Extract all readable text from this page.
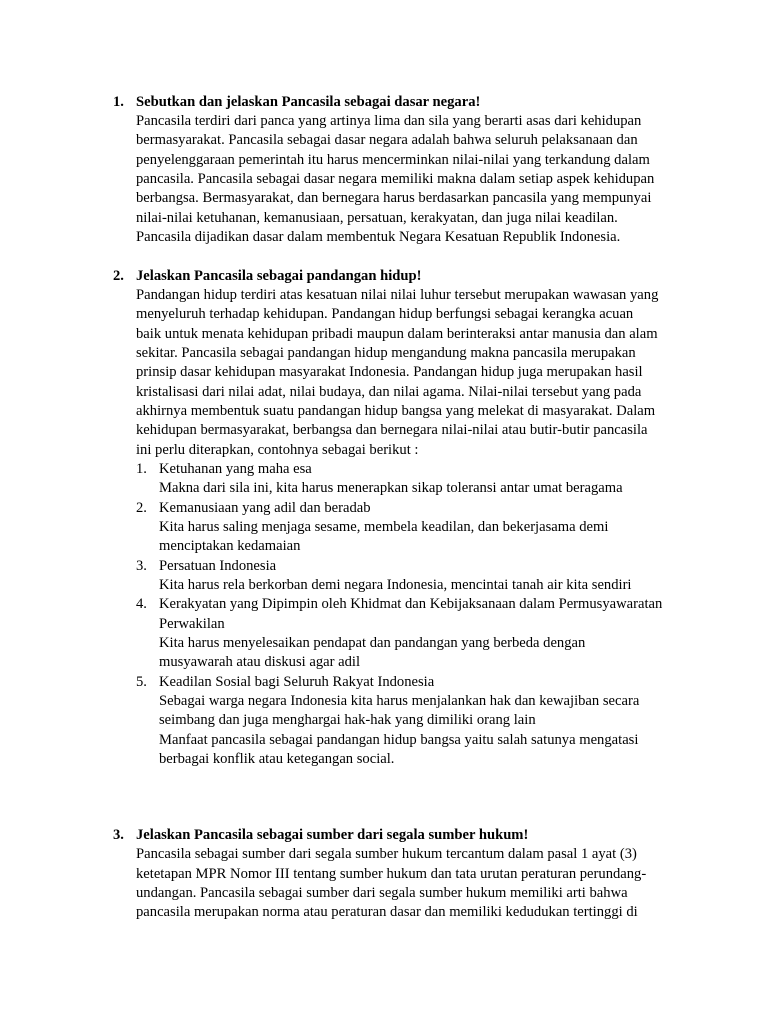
1. Sebutkan dan jelaskan Pancasila sebagai dasar negara!
Pancasila terdiri dari panca yang artinya lima dan sila yang berarti asas dari kehidupan
bermasyarakat. Pancasila sebagai dasar negara adalah bahwa seluruh pelaksanaan dan
penyelenggaraan pemerintah itu harus mencerminkan nilai-nilai yang terkandung dalam
pancasila. Pancasila sebagai dasar negara memiliki makna dalam setiap aspek kehidupan
berbangsa. Bermasyarakat, dan bernegara harus berdasarkan pancasila yang mempunyai
nilai-nilai ketuhanan, kemanusiaan, persatuan, kerakyatan, dan juga nilai keadilan.
Pancasila dijadikan dasar dalam membentuk Negara Kesatuan Republik Indonesia.
2. Jelaskan Pancasila sebagai pandangan hidup!
Pandangan hidup terdiri atas kesatuan nilai nilai luhur tersebut merupakan wawasan yang
menyeluruh terhadap kehidupan. Pandangan hidup berfungsi sebagai kerangka acuan
baik untuk menata kehidupan pribadi maupun dalam berinteraksi antar manusia dan alam
sekitar. Pancasila sebagai pandangan hidup mengandung makna pancasila merupakan
prinsip dasar kehidupan masyarakat Indonesia. Pandangan hidup juga merupakan hasil
kristalisasi dari nilai adat, nilai budaya, dan nilai agama. Nilai-nilai tersebut yang pada
akhirnya membentuk suatu pandangan hidup bangsa yang melekat di masyarakat. Dalam
kehidupan bermasyarakat, berbangsa dan bernegara nilai-nilai atau butir-butir pancasila
ini perlu diterapkan, contohnya sebagai berikut :
1. Ketuhanan yang maha esa
Makna dari sila ini, kita harus menerapkan sikap toleransi antar umat beragama
2. Kemanusiaan yang adil dan beradab
Kita harus saling menjaga sesame, membela keadilan, dan bekerjasama demi
menciptakan kedamaian
3. Persatuan Indonesia
Kita harus rela berkorban demi negara Indonesia, mencintai tanah air kita sendiri
4. Kerakyatan yang Dipimpin oleh Khidmat dan Kebijaksanaan dalam Permusyawaratan
Perwakilan
Kita harus menyelesaikan pendapat dan pandangan yang berbeda dengan
musyawarah atau diskusi agar adil
5. Keadilan Sosial bagi Seluruh Rakyat Indonesia
Sebagai warga negara Indonesia kita harus menjalankan hak dan kewajiban secara
seimbang dan juga menghargai hak-hak yang dimiliki orang lain
Manfaat pancasila sebagai pandangan hidup bangsa yaitu salah satunya mengatasi
berbagai konflik atau ketegangan social.
3. Jelaskan Pancasila sebagai sumber dari segala sumber hukum!
Pancasila sebagai sumber dari segala sumber hukum tercantum dalam pasal 1 ayat (3)
ketetapan MPR Nomor III tentang sumber hukum dan tata urutan peraturan perundang-
undangan. Pancasila sebagai sumber dari segala sumber hukum memiliki arti bahwa
pancasila merupakan norma atau peraturan dasar dan memiliki kedudukan tertinggi di
